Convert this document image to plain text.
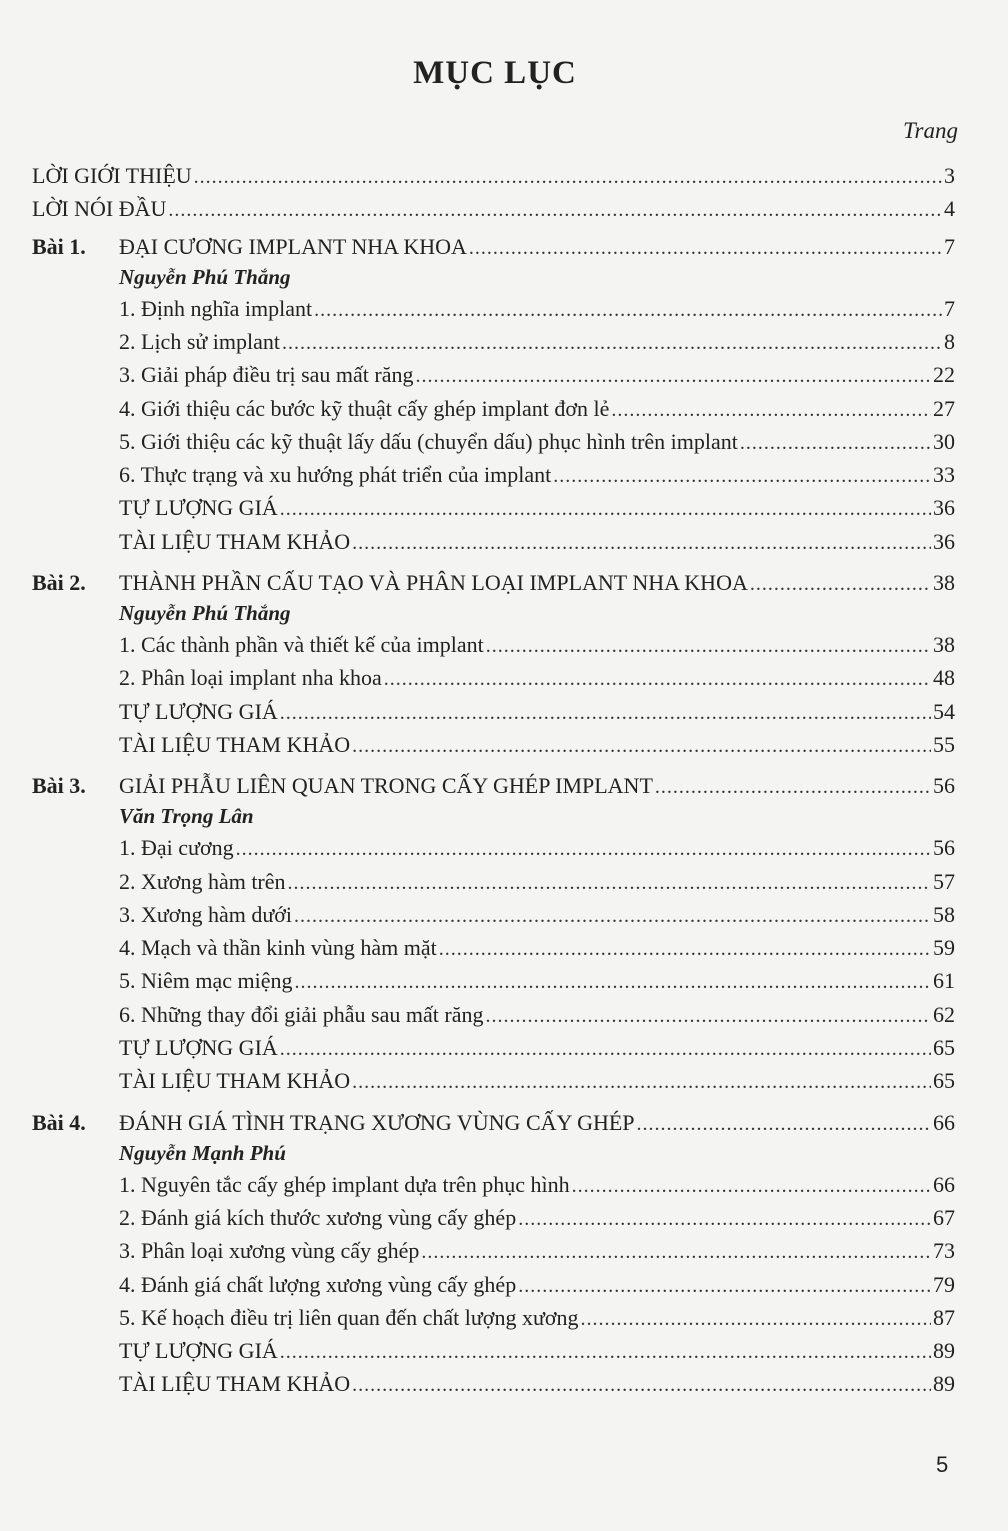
MỤC LỤC
Trang
5
LỜI GIỚI THIỆU .....	3
LỜI NÓI ĐẦU .....	4
Bài 1. ĐẠI CƯƠNG IMPLANT NHA KHOA .....	7
Nguyễn Phú Thắng
1. Định nghĩa implant .....	7
2. Lịch sử implant .....	8
3. Giải pháp điều trị sau mất răng .....	22
4. Giới thiệu các bước kỹ thuật cấy ghép implant đơn lẻ .....	27
5. Giới thiệu các kỹ thuật lấy dấu (chuyển dấu) phục hình trên implant .....	30
6. Thực trạng và xu hướng phát triển của implant .....	33
TỰ LƯỢNG GIÁ .....	36
TÀI LIỆU THAM KHẢO .....	36
Bài 2. THÀNH PHẦN CẤU TẠO VÀ PHÂN LOẠI IMPLANT NHA KHOA .....	38
Nguyễn Phú Thắng
1. Các thành phần và thiết kế của implant .....	38
2. Phân loại implant nha khoa .....	48
TỰ LƯỢNG GIÁ .....	54
TÀI LIỆU THAM KHẢO .....	55
Bài 3. GIẢI PHẪU LIÊN QUAN TRONG CẤY GHÉP IMPLANT .....	56
Văn Trọng Lân
1. Đại cương .....	56
2. Xương hàm trên .....	57
3. Xương hàm dưới .....	58
4. Mạch và thần kinh vùng hàm mặt .....	59
5. Niêm mạc miệng .....	61
6. Những thay đổi giải phẫu sau mất răng .....	62
TỰ LƯỢNG GIÁ .....	65
TÀI LIỆU THAM KHẢO .....	65
Bài 4. ĐÁNH GIÁ TÌNH TRẠNG XƯƠNG VÙNG CẤY GHÉP .....	66
Nguyễn Mạnh Phú
1. Nguyên tắc cấy ghép implant dựa trên phục hình .....	66
2. Đánh giá kích thước xương vùng cấy ghép .....	67
3. Phân loại xương vùng cấy ghép .....	73
4. Đánh giá chất lượng xương vùng cấy ghép .....	79
5. Kế hoạch điều trị liên quan đến chất lượng xương .....	87
TỰ LƯỢNG GIÁ .....	89
TÀI LIỆU THAM KHẢO .....	89
